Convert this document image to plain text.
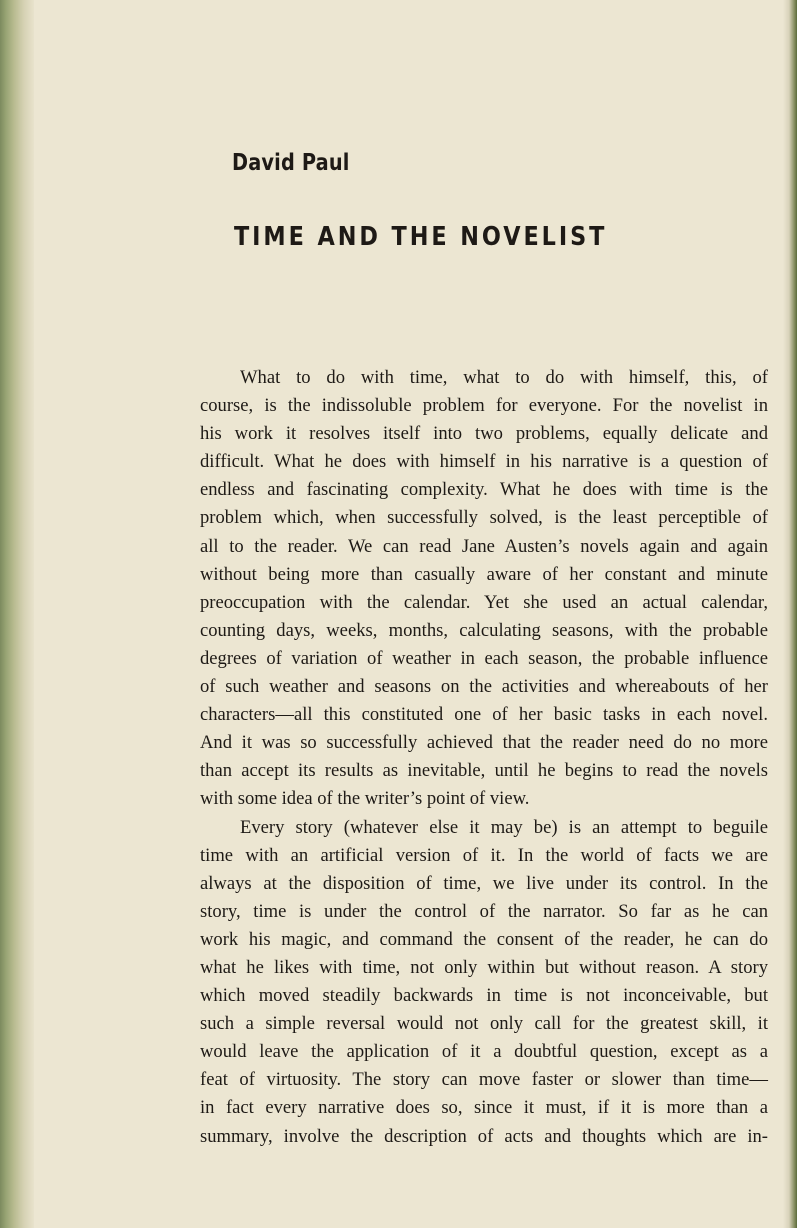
David Paul
TIME AND THE NOVELIST
What to do with time, what to do with himself, this, of
course, is the indissoluble problem for everyone. For the novelist in
his work it resolves itself into two problems, equally delicate and
difficult. What he does with himself in his narrative is a question of
endless and fascinating complexity. What he does with time is the
problem which, when successfully solved, is the least perceptible of
all to the reader. We can read Jane Austen’s novels again and again
without being more than casually aware of her constant and minute
preoccupation with the calendar. Yet she used an actual calendar,
counting days, weeks, months, calculating seasons, with the probable
degrees of variation of weather in each season, the probable influence
of such weather and seasons on the activities and whereabouts of her
characters—all this constituted one of her basic tasks in each novel.
And it was so successfully achieved that the reader need do no more
than accept its results as inevitable, until he begins to read the novels
with some idea of the writer’s point of view.
Every story (whatever else it may be) is an attempt to beguile
time with an artificial version of it. In the world of facts we are
always at the disposition of time, we live under its control. In the
story, time is under the control of the narrator. So far as he can
work his magic, and command the consent of the reader, he can do
what he likes with time, not only within but without reason. A story
which moved steadily backwards in time is not inconceivable, but
such a simple reversal would not only call for the greatest skill, it
would leave the application of it a doubtful question, except as a
feat of virtuosity. The story can move faster or slower than time—
in fact every narrative does so, since it must, if it is more than a
summary, involve the description of acts and thoughts which are in-
